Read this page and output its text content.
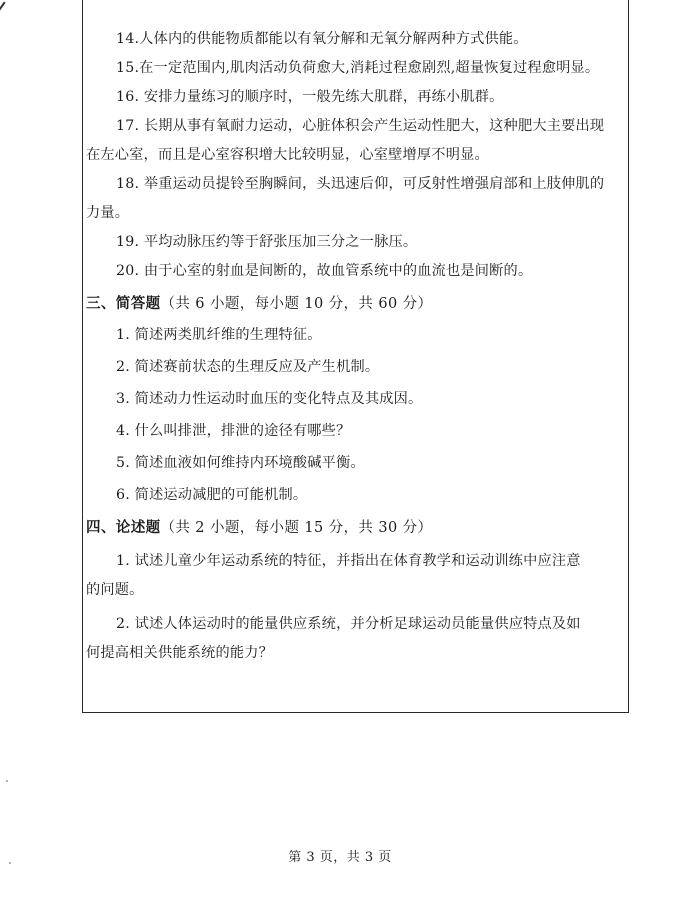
14.人体内的供能物质都能以有氧分解和无氧分解两种方式供能。
15.在一定范围内,肌肉活动负荷愈大,消耗过程愈剧烈,超量恢复过程愈明显。
16. 安排力量练习的顺序时，一般先练大肌群，再练小肌群。
17. 长期从事有氧耐力运动，心脏体积会产生运动性肥大，这种肥大主要出现
在左心室，而且是心室容积增大比较明显，心室壁增厚不明显。
18. 举重运动员提铃至胸瞬间，头迅速后仰，可反射性增强肩部和上肢伸肌的
力量。
19. 平均动脉压约等于舒张压加三分之一脉压。
20. 由于心室的射血是间断的，故血管系统中的血流也是间断的。
三、简答题（共 6 小题，每小题 10 分，共 60 分）
1. 简述两类肌纤维的生理特征。
2. 简述赛前状态的生理反应及产生机制。
3. 简述动力性运动时血压的变化特点及其成因。
4. 什么叫排泄，排泄的途径有哪些？
5. 简述血液如何维持内环境酸碱平衡。
6. 简述运动减肥的可能机制。
四、论述题（共 2 小题，每小题 15 分，共 30 分）
1. 试述儿童少年运动系统的特征，并指出在体育教学和运动训练中应注意
的问题。
2. 试述人体运动时的能量供应系统，并分析足球运动员能量供应特点及如
何提高相关供能系统的能力？
第 3 页，共 3 页
